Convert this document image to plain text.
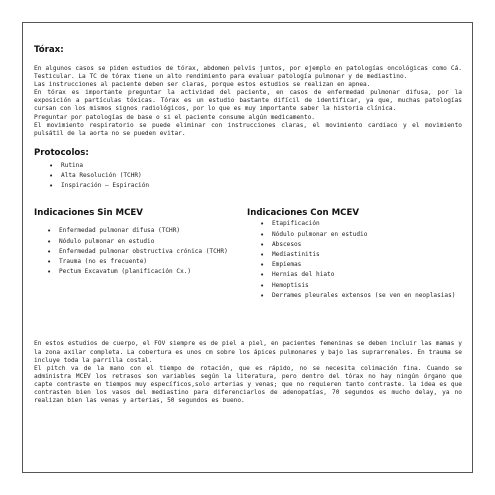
Tórax:

En algunos casos se piden estudios de tórax, abdomen pelvis juntos, por ejemplo en patologías oncológicas como Cá. Testicular. La TC de tórax tiene un alto rendimiento para evaluar patología pulmonar y de mediastino.

Las instrucciones al paciente deben ser claras, porque estos estudios se realizan en apnea.

En tórax es importante preguntar la actividad del paciente, en casos de enfermedad pulmonar difusa, por la exposición a partículas tóxicas. Tórax es un estudio bastante difícil de identificar, ya que, muchas patologías cursan con los mismos signos radiológicos, por lo que es muy importante saber la historia clínica.

Preguntar por patologías de base o si el paciente consume algún medicamento.

El movimiento respiratorio se puede eliminar con instrucciones claras, el movimiento cardiaco y el movimiento pulsátil de la aorta no se pueden evitar.

Protocolos:
• Rutina
• Alta Resolución (TCHR)
• Inspiración – Espiración
Indicaciones Sin MCEV
• Enfermedad pulmonar difusa (TCHR)
• Nódulo pulmonar en estudio
• Enfermedad pulmonar obstructiva crónica (TCHR)
• Trauma (no es frecuente)
• Pectum Excavatum (planificación Cx.)
Indicaciones Con MCEV
• Etapificación
• Nódulo pulmonar en estudio
• Abscesos
• Mediastinitis
• Empiemas
• Hernias del hiato
• Hemoptisis
• Derrames pleurales extensos (se ven en neoplasias)

En estos estudios de cuerpo, el FOV siempre es de piel a piel, en pacientes femeninas se deben incluir las mamas y la zona axilar completa. La cobertura es unos cm sobre los ápices pulmonares y bajo las suprarrenales. En trauma se incluye toda la parrilla costal.

El pitch va de la mano con el tiempo de rotación, que es rápido, no se necesita colimación fina. Cuando se administra MCEV los retrasos son variables según la literatura, pero dentro del tórax no hay ningún órgano que capte contraste en tiempos muy específicos,solo arterias y venas; que no requieren tanto contraste. la idea es que contrasten bien los vasos del mediastino para diferenciarlos de adenopatías, 70 segundos es mucho delay, ya no realizan bien las venas y arterias, 50 segundos es bueno.
